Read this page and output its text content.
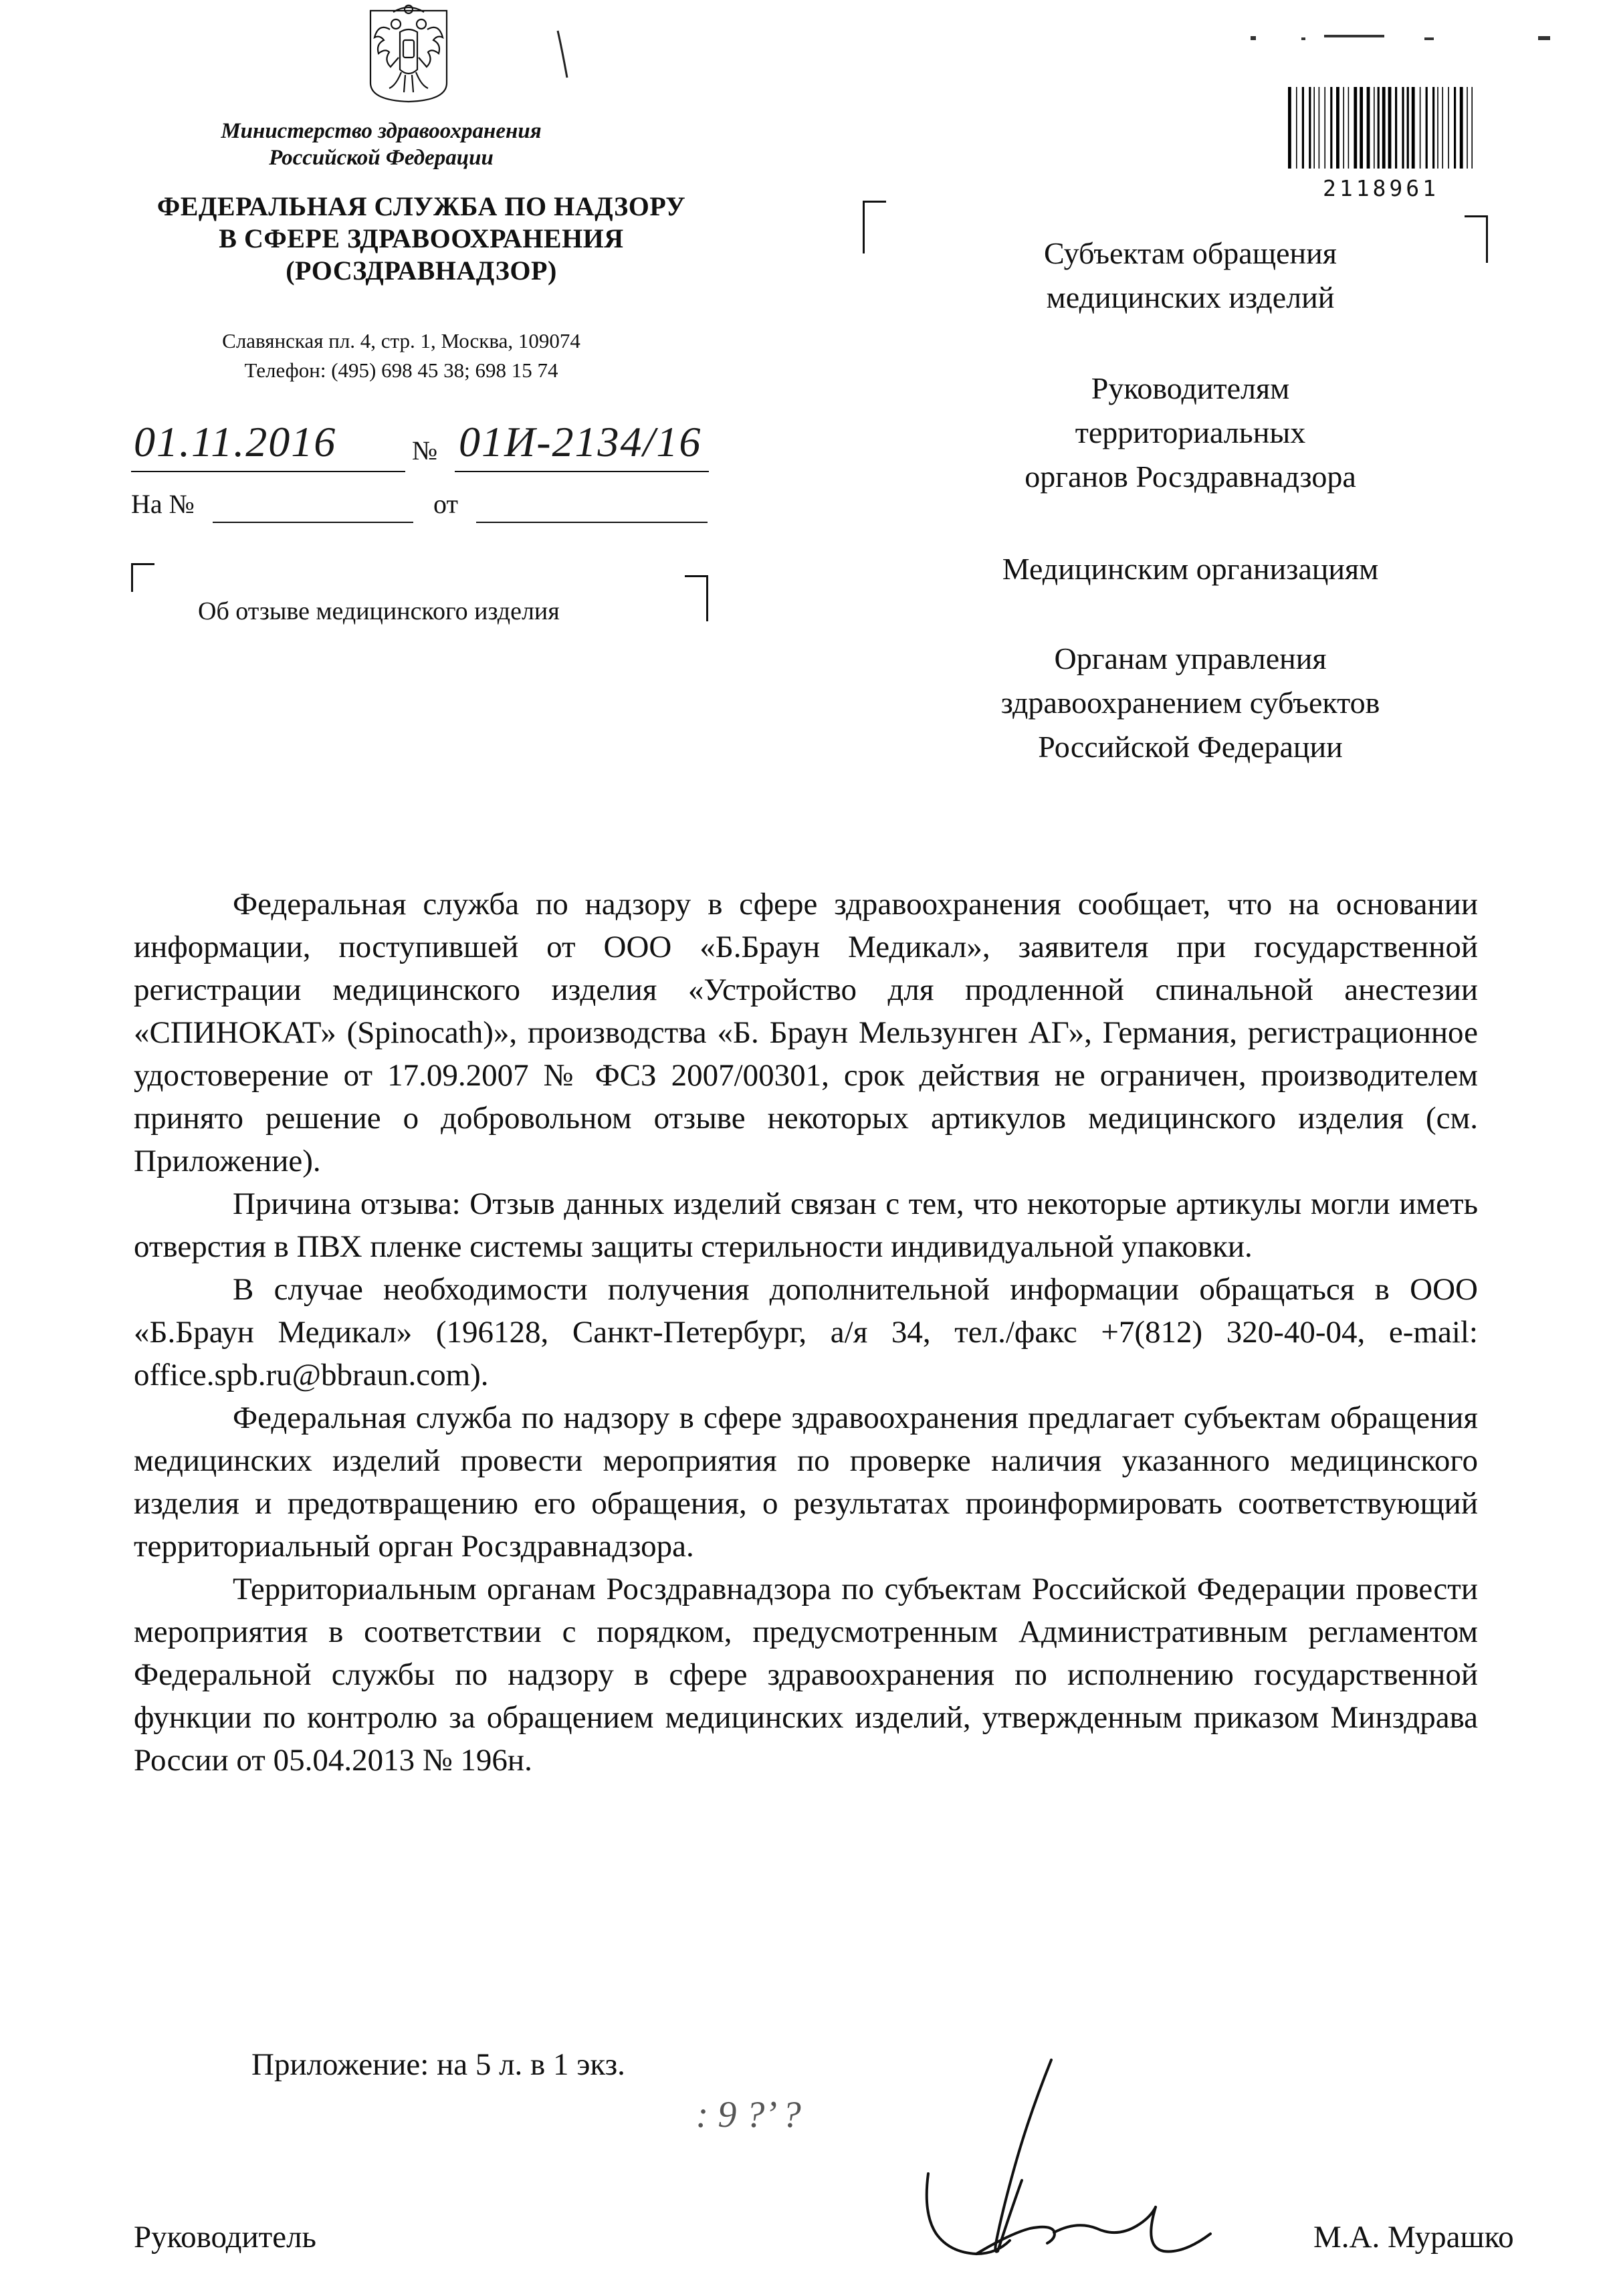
Министерство здравоохранения
Российской Федерации
ФЕДЕРАЛЬНАЯ СЛУЖБА ПО НАДЗОРУ
В СФЕРЕ ЗДРАВООХРАНЕНИЯ
(РОСЗДРАВНАДЗОР)
Славянская пл. 4, стр. 1, Москва, 109074
Телефон: (495) 698 45 38; 698 15 74
01.11.2016	№ 01И-2134/16
На №	от
Об отзыве медицинского изделия
2118961
Субъектам обращения
медицинских изделий
Руководителям
территориальных
органов Росздравнадзора
Медицинским организациям
Органам управления
здравоохранением субъектов
Российской Федерации

Федеральная служба по надзору в сфере здравоохранения сообщает, что на основании информации, поступившей от ООО «Б.Браун Медикал», заявителя при государственной регистрации медицинского изделия «Устройство для продленной спинальной анестезии «СПИНОКАТ» (Spinocath)», производства «Б. Браун Мельзунген АГ», Германия, регистрационное удостоверение от 17.09.2007 № ФСЗ 2007/00301, срок действия не ограничен, производителем принято решение о добровольном отзыве некоторых артикулов медицинского изделия (см. Приложение).

Причина отзыва: Отзыв данных изделий связан с тем, что некоторые артикулы могли иметь отверстия в ПВХ пленке системы защиты стерильности индивидуальной упаковки.

В случае необходимости получения дополнительной информации обращаться в ООО «Б.Браун Медикал» (196128, Санкт-Петербург, а/я 34, тел./факс +7(812) 320-40-04, e-mail: office.spb.ru@bbraun.com).

Федеральная служба по надзору в сфере здравоохранения предлагает субъектам обращения медицинских изделий провести мероприятия по проверке наличия указанного медицинского изделия и предотвращению его обращения, о результатах проинформировать соответствующий территориальный орган Росздравнадзора.

Территориальным органам Росздравнадзора по субъектам Российской Федерации провести мероприятия в соответствии с порядком, предусмотренным Административным регламентом Федеральной службы по надзору в сфере здравоохранения по исполнению государственной функции по контролю за обращением медицинских изделий, утвержденным приказом Минздрава России от 05.04.2013 № 196н.

Приложение: на 5 л. в 1 экз.
 : 9 ?’ ?
Руководитель	М.А. Мурашко
